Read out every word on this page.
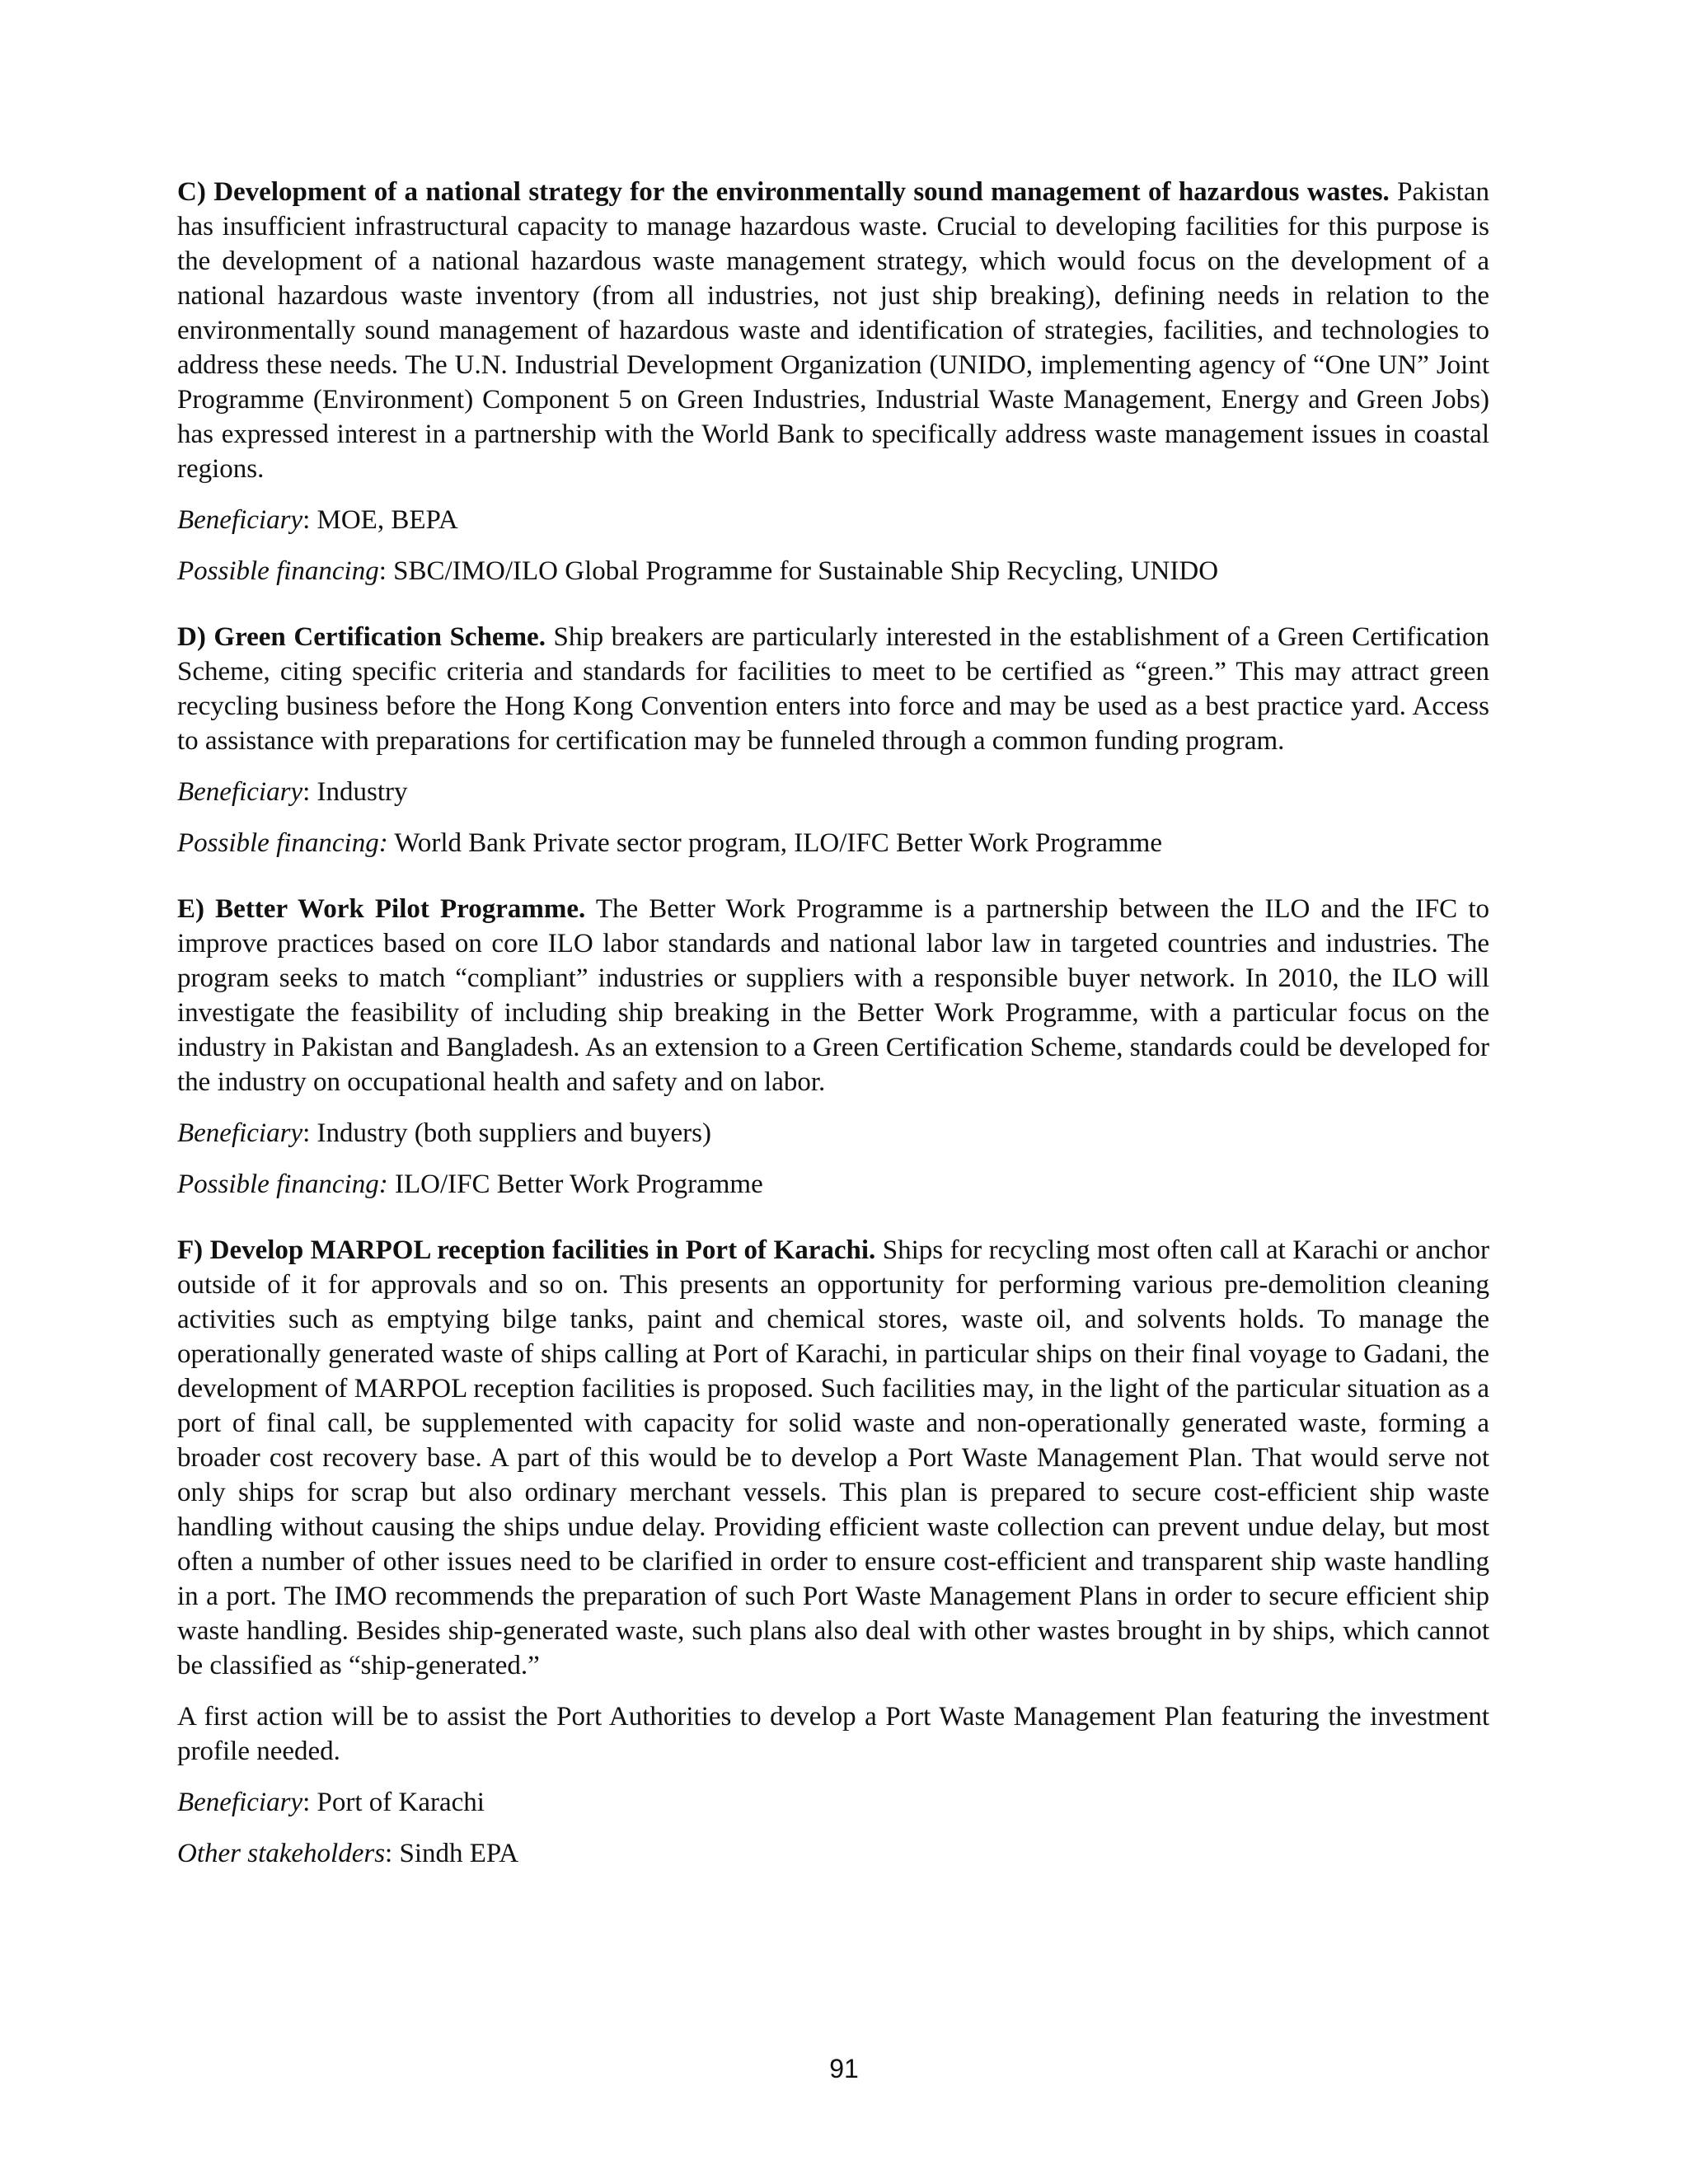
C) Development of a national strategy for the environmentally sound management of hazardous wastes. Pakistan has insufficient infrastructural capacity to manage hazardous waste. Crucial to developing facilities for this purpose is the development of a national hazardous waste management strategy, which would focus on the development of a national hazardous waste inventory (from all industries, not just ship breaking), defining needs in relation to the environmentally sound management of hazardous waste and identification of strategies, facilities, and technologies to address these needs. The U.N. Industrial Development Organization (UNIDO, implementing agency of “One UN” Joint Programme (Environment) Component 5 on Green Industries, Industrial Waste Management, Energy and Green Jobs) has expressed interest in a partnership with the World Bank to specifically address waste management issues in coastal regions.

Beneficiary: MOE, BEPA

Possible financing: SBC/IMO/ILO Global Programme for Sustainable Ship Recycling, UNIDO

D) Green Certification Scheme. Ship breakers are particularly interested in the establishment of a Green Certification Scheme, citing specific criteria and standards for facilities to meet to be certified as “green.” This may attract green recycling business before the Hong Kong Convention enters into force and may be used as a best practice yard. Access to assistance with preparations for certification may be funneled through a common funding program.

Beneficiary: Industry

Possible financing: World Bank Private sector program, ILO/IFC Better Work Programme

E) Better Work Pilot Programme. The Better Work Programme is a partnership between the ILO and the IFC to improve practices based on core ILO labor standards and national labor law in targeted countries and industries. The program seeks to match “compliant” industries or suppliers with a responsible buyer network. In 2010, the ILO will investigate the feasibility of including ship breaking in the Better Work Programme, with a particular focus on the industry in Pakistan and Bangladesh. As an extension to a Green Certification Scheme, standards could be developed for the industry on occupational health and safety and on labor.

Beneficiary: Industry (both suppliers and buyers)

Possible financing: ILO/IFC Better Work Programme

F) Develop MARPOL reception facilities in Port of Karachi. Ships for recycling most often call at Karachi or anchor outside of it for approvals and so on. This presents an opportunity for performing various pre-demolition cleaning activities such as emptying bilge tanks, paint and chemical stores, waste oil, and solvents holds. To manage the operationally generated waste of ships calling at Port of Karachi, in particular ships on their final voyage to Gadani, the development of MARPOL reception facilities is proposed. Such facilities may, in the light of the particular situation as a port of final call, be supplemented with capacity for solid waste and non-operationally generated waste, forming a broader cost recovery base. A part of this would be to develop a Port Waste Management Plan. That would serve not only ships for scrap but also ordinary merchant vessels. This plan is prepared to secure cost-efficient ship waste handling without causing the ships undue delay. Providing efficient waste collection can prevent undue delay, but most often a number of other issues need to be clarified in order to ensure cost-efficient and transparent ship waste handling in a port. The IMO recommends the preparation of such Port Waste Management Plans in order to secure efficient ship waste handling. Besides ship-generated waste, such plans also deal with other wastes brought in by ships, which cannot be classified as “ship-generated.”

A first action will be to assist the Port Authorities to develop a Port Waste Management Plan featuring the investment profile needed.

Beneficiary: Port of Karachi

Other stakeholders: Sindh EPA

91
